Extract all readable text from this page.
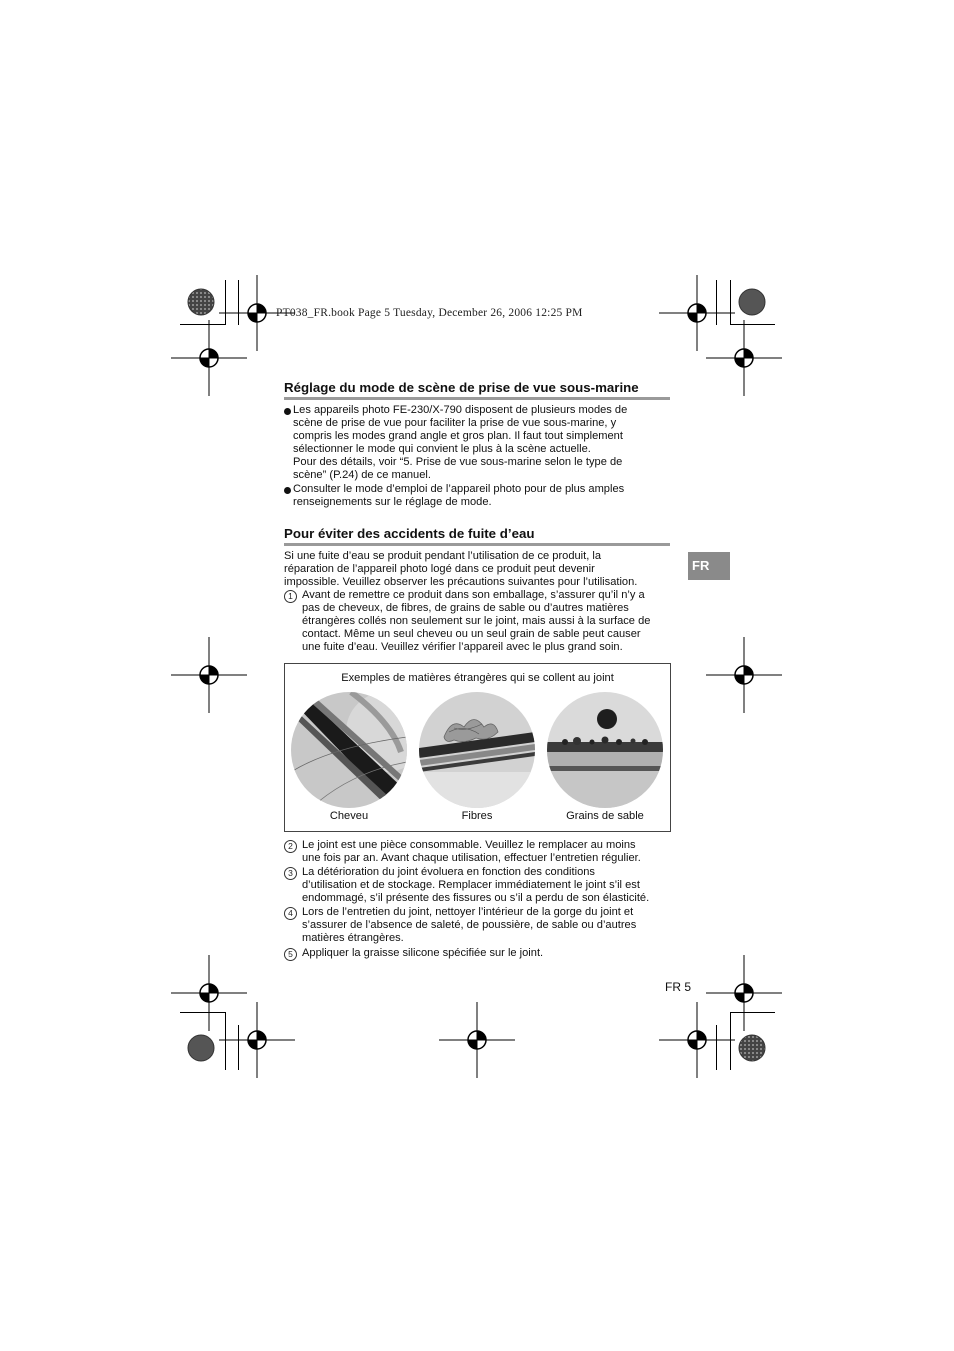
PT038_FR.book Page 5 Tuesday, December 26, 2006 12:25 PM
Réglage du mode de scène de prise de vue sous-marine
Les appareils photo FE-230/X-790 disposent de plusieurs modes de
scène de prise de vue pour faciliter la prise de vue sous-marine, y
compris les modes grand angle et gros plan. Il faut tout simplement
sélectionner le mode qui convient le plus à la scène actuelle.
Pour des détails, voir “5. Prise de vue sous-marine selon le type de
scène” (P.24) de ce manuel.
Consulter le mode d’emploi de l’appareil photo pour de plus amples
renseignements sur le réglage de mode.
Pour éviter des accidents de fuite d’eau
Si une fuite d’eau se produit pendant l’utilisation de ce produit, la
réparation de l’appareil photo logé dans ce produit peut devenir
impossible. Veuillez observer les précautions suivantes pour l’utilisation.
1 Avant de remettre ce produit dans son emballage, s’assurer qu’il n’y a
pas de cheveux, de fibres, de grains de sable ou d’autres matières
étrangères collés non seulement sur le joint, mais aussi à la surface de
contact. Même un seul cheveu ou un seul grain de sable peut causer
une fuite d’eau. Veuillez vérifier l’appareil avec le plus grand soin.
FR
Exemples de matières étrangères qui se collent au joint
Cheveu	Fibres	Grains de sable
2 Le joint est une pièce consommable. Veuillez le remplacer au moins
une fois par an. Avant chaque utilisation, effectuer l’entretien régulier.
3 La détérioration du joint évoluera en fonction des conditions
d’utilisation et de stockage. Remplacer immédiatement le joint s’il est
endommagé, s’il présente des fissures ou s’il a perdu de son élasticité.
4 Lors de l’entretien du joint, nettoyer l’intérieur de la gorge du joint et
s’assurer de l’absence de saleté, de poussière, de sable ou d’autres
matières étrangères.
5 Appliquer la graisse silicone spécifiée sur le joint.
FR 5
